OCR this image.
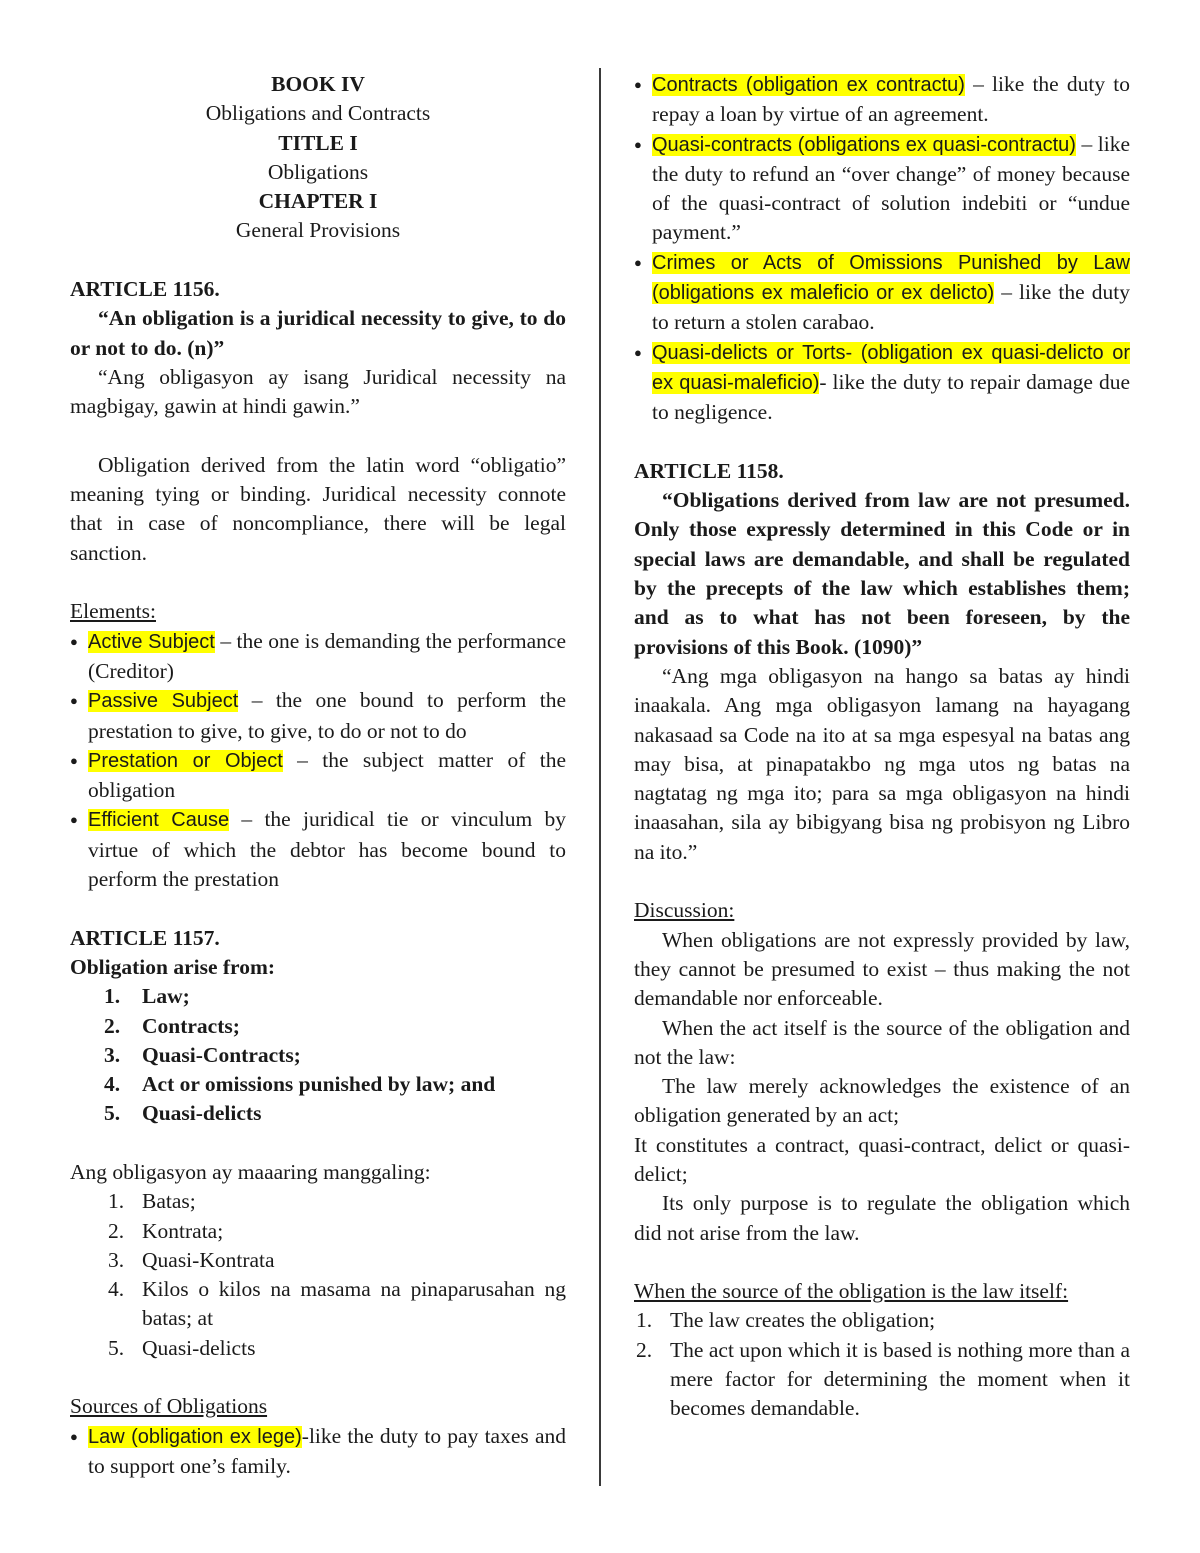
BOOK IV

Obligations and Contracts

TITLE I

Obligations

CHAPTER I

General Provisions

ARTICLE 1156.

“An obligation is a juridical necessity to give, to do or not to do. (n)”

“Ang obligasyon ay isang Juridical necessity na magbigay, gawin at hindi gawin.”

Obligation derived from the latin word “obligatio” meaning tying or binding. Juridical necessity connote that in case of noncompliance, there will be legal sanction.

Elements:

● Active Subject – the one is demanding the performance (Creditor)
● Passive Subject – the one bound to perform the prestation to give, to give, to do or not to do
● Prestation or Object – the subject matter of the obligation
● Efficient Cause – the juridical tie or vinculum by virtue of which the debtor has become bound to perform the prestation

ARTICLE 1157.

Obligation arise from:

1. Law;
2. Contracts;
3. Quasi-Contracts;
4. Act or omissions punished by law; and
5. Quasi-delicts

Ang obligasyon ay maaaring manggaling:

1. Batas;
2. Kontrata;
3. Quasi-Kontrata
4. Kilos o kilos na masama na pinaparusahan ng batas; at
5. Quasi-delicts

Sources of Obligations

● Law (obligation ex lege)-like the duty to pay taxes and to support one’s family.
● Contracts (obligation ex contractu) – like the duty to repay a loan by virtue of an agreement.
● Quasi-contracts (obligations ex quasi-contractu) – like the duty to refund an “over change” of money because of the quasi-contract of solution indebiti or “undue payment.”
● Crimes or Acts of Omissions Punished by Law (obligations ex maleficio or ex delicto) – like the duty to return a stolen carabao.
● Quasi-delicts or Torts- (obligation ex quasi-delicto or ex quasi-maleficio)- like the duty to repair damage due to negligence.

ARTICLE 1158.

“Obligations derived from law are not presumed. Only those expressly determined in this Code or in special laws are demandable, and shall be regulated by the precepts of the law which establishes them; and as to what has not been foreseen, by the provisions of this Book. (1090)”

“Ang mga obligasyon na hango sa batas ay hindi inaakala. Ang mga obligasyon lamang na hayagang nakasaad sa Code na ito at sa mga espesyal na batas ang may bisa, at pinapatakbo ng mga utos ng batas na nagtatag ng mga ito; para sa mga obligasyon na hindi inaasahan, sila ay bibigyang bisa ng probisyon ng Libro na ito.”

Discussion:

When obligations are not expressly provided by law, they cannot be presumed to exist – thus making the not demandable nor enforceable.

When the act itself is the source of the obligation and not the law:

The law merely acknowledges the existence of an obligation generated by an act;

It constitutes a contract, quasi-contract, delict or quasi-delict;

Its only purpose is to regulate the obligation which did not arise from the law.

When the source of the obligation is the law itself:

1. The law creates the obligation;
2. The act upon which it is based is nothing more than a mere factor for determining the moment when it becomes demandable.
